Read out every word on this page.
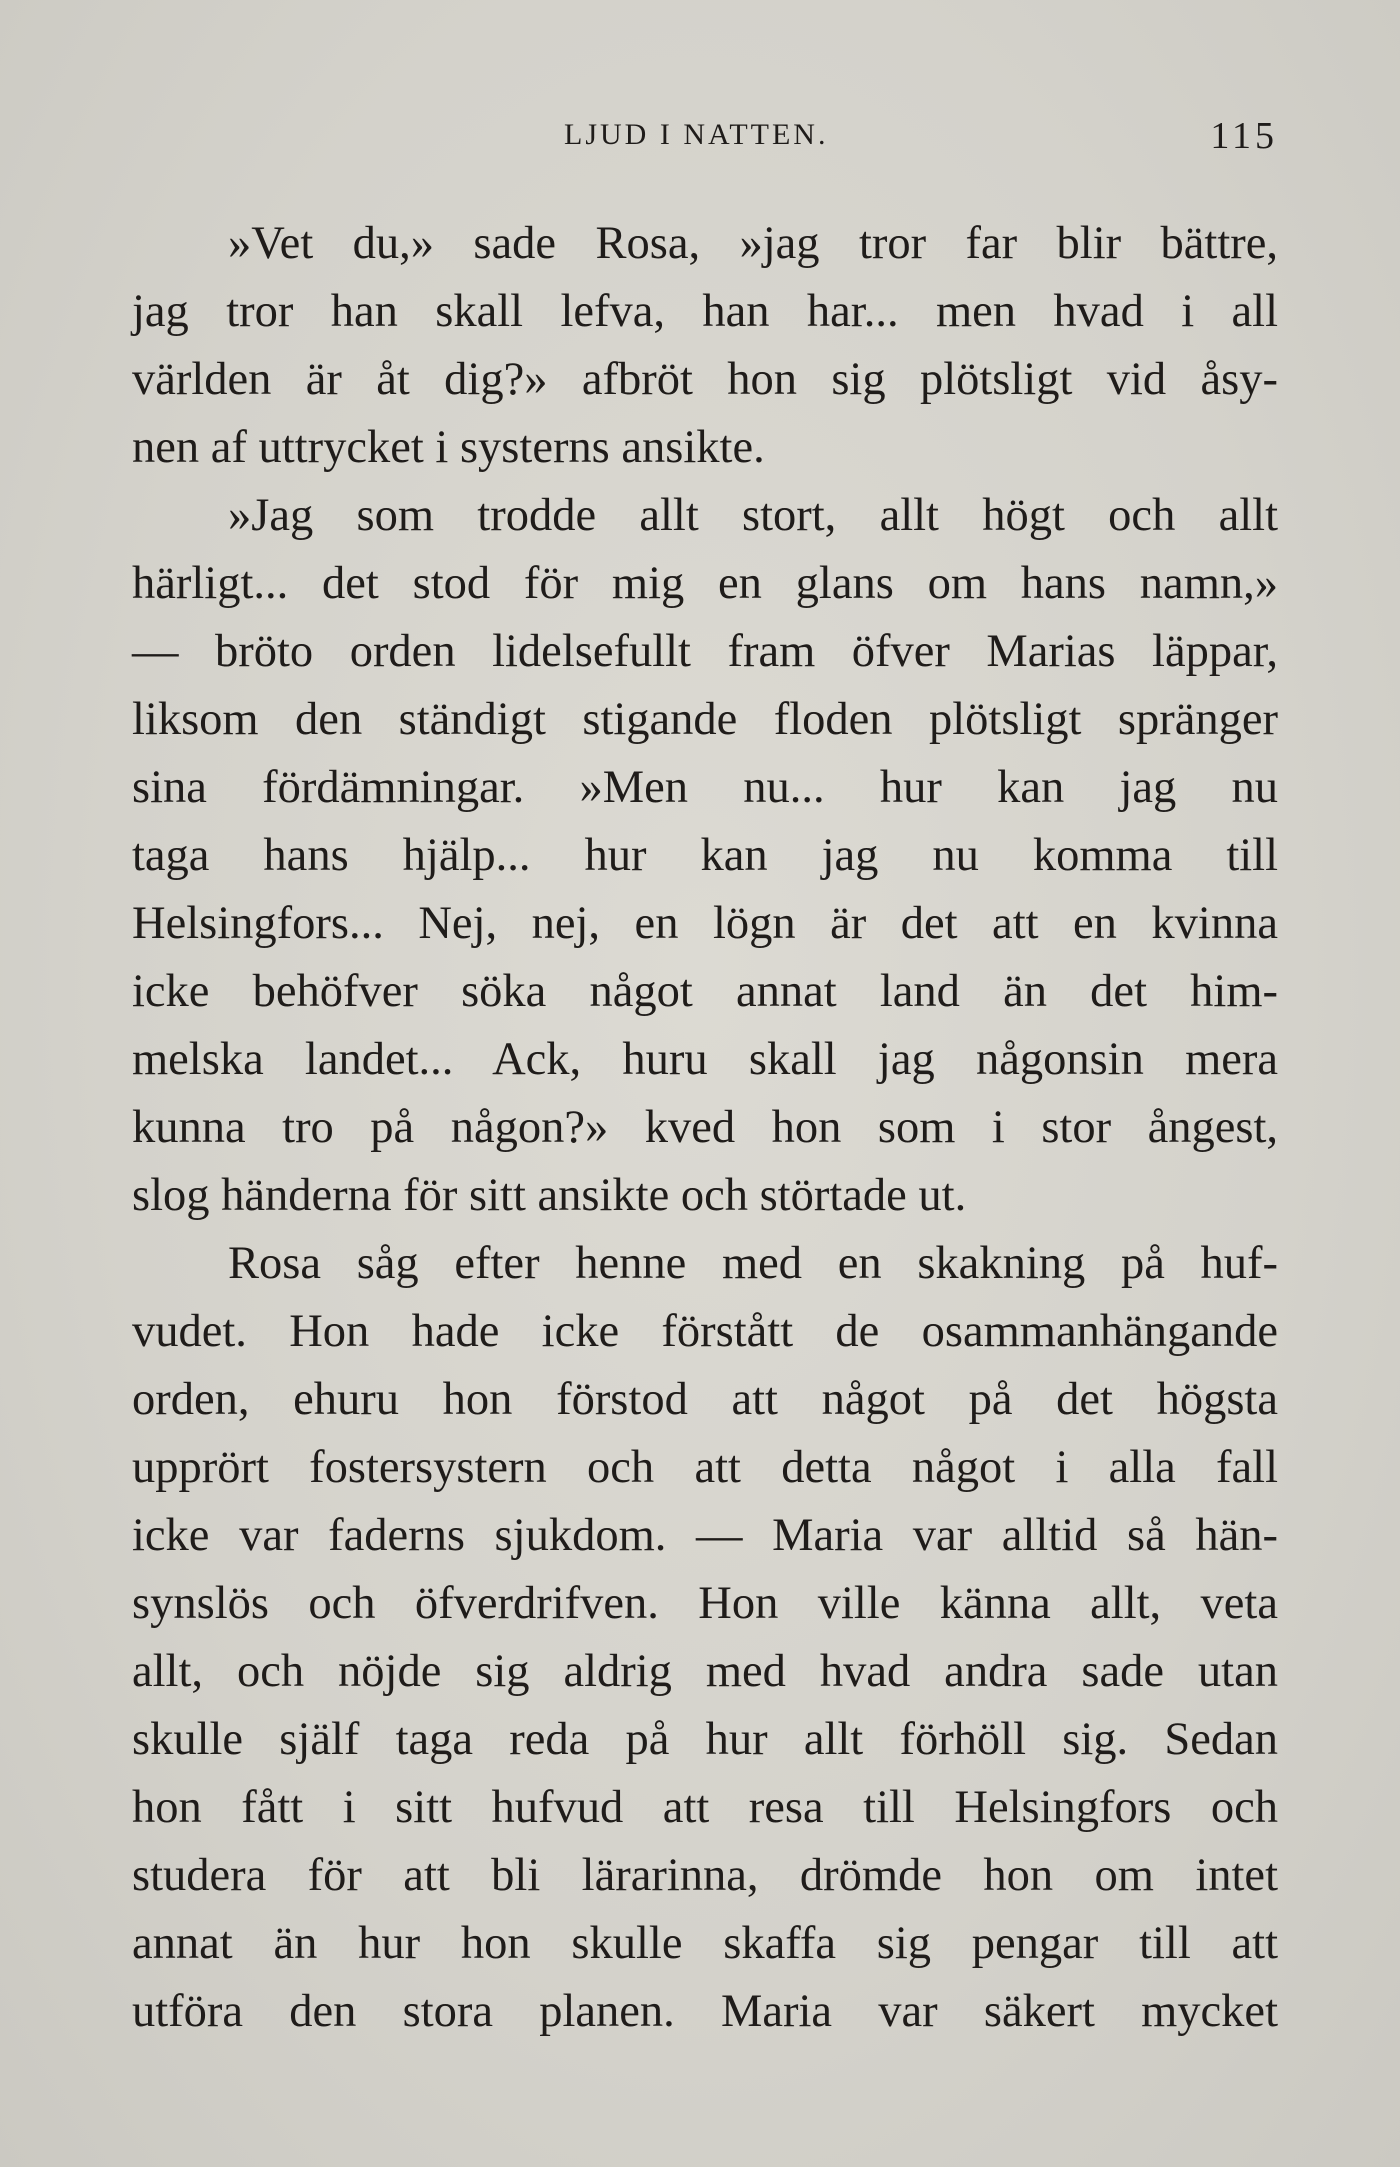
LJUD I NATTEN.	115
»Vet du,» sade Rosa, »jag tror far blir bättre,
jag tror han skall lefva, han har... men hvad i all
världen är åt dig?» afbröt hon sig plötsligt vid åsy-
nen af uttrycket i systerns ansikte.
»Jag som trodde allt stort, allt högt och allt
härligt... det stod för mig en glans om hans namn,»
— bröto orden lidelsefullt fram öfver Marias läppar,
liksom den ständigt stigande floden plötsligt spränger
sina fördämningar. »Men nu... hur kan jag nu
taga hans hjälp... hur kan jag nu komma till
Helsingfors... Nej, nej, en lögn är det att en kvinna
icke behöfver söka något annat land än det him-
melska landet... Ack, huru skall jag någonsin mera
kunna tro på någon?» kved hon som i stor ångest,
slog händerna för sitt ansikte och störtade ut.
Rosa såg efter henne med en skakning på huf-
vudet. Hon hade icke förstått de osammanhängande
orden, ehuru hon förstod att något på det högsta
upprört fostersystern och att detta något i alla fall
icke var faderns sjukdom. — Maria var alltid så hän-
synslös och öfverdrifven. Hon ville känna allt, veta
allt, och nöjde sig aldrig med hvad andra sade utan
skulle själf taga reda på hur allt förhöll sig. Sedan
hon fått i sitt hufvud att resa till Helsingfors och
studera för att bli lärarinna, drömde hon om intet
annat än hur hon skulle skaffa sig pengar till att
utföra den stora planen. Maria var säkert mycket
